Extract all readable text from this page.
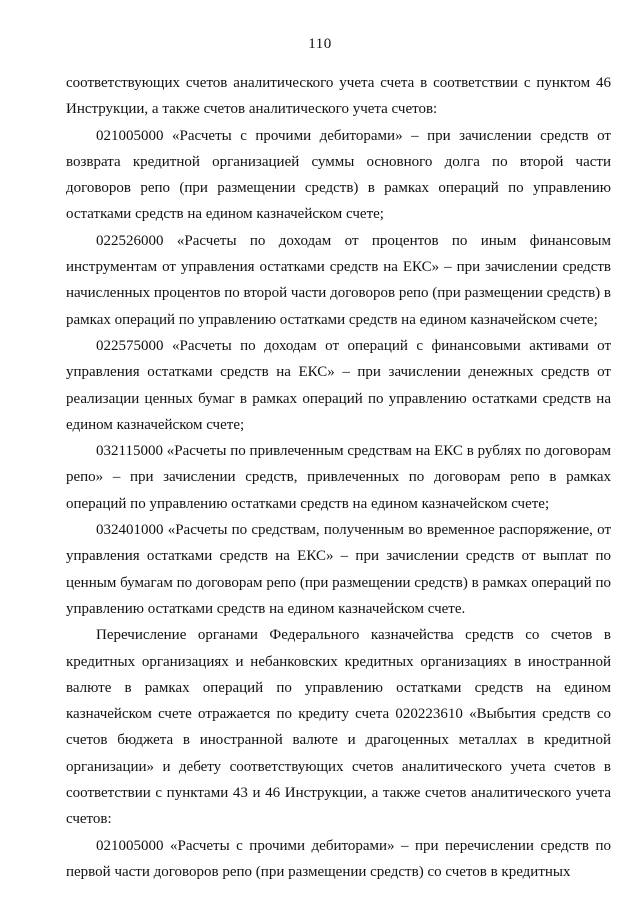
110

соответствующих счетов аналитического учета счета в соответствии с пунктом 46 Инструкции, а также счетов аналитического учета счетов:

021005000 «Расчеты с прочими дебиторами» – при зачислении средств от возврата кредитной организацией суммы основного долга по второй части договоров репо (при размещении средств) в рамках операций по управлению остатками средств на едином казначейском счете;

022526000 «Расчеты по доходам от процентов по иным финансовым инструментам от управления остатками средств на ЕКС» – при зачислении средств начисленных процентов по второй части договоров репо (при размещении средств) в рамках операций по управлению остатками средств на едином казначейском счете;

022575000 «Расчеты по доходам от операций с финансовыми активами от управления остатками средств на ЕКС» – при зачислении денежных средств от реализации ценных бумаг в рамках операций по управлению остатками средств на едином казначейском счете;

032115000 «Расчеты по привлеченным средствам на ЕКС в рублях по договорам репо» – при зачислении средств, привлеченных по договорам репо в рамках операций по управлению остатками средств на едином казначейском счете;

032401000 «Расчеты по средствам, полученным во временное распоряжение, от управления остатками средств на ЕКС» – при зачислении средств от выплат по ценным бумагам по договорам репо (при размещении средств) в рамках операций по управлению остатками средств на едином казначейском счете.

Перечисление органами Федерального казначейства средств со счетов в кредитных организациях и небанковских кредитных организациях в иностранной валюте в рамках операций по управлению остатками средств на едином казначейском счете отражается по кредиту счета 020223610 «Выбытия средств со счетов бюджета в иностранной валюте и драгоценных металлах в кредитной организации» и дебету соответствующих счетов аналитического учета счетов в соответствии с пунктами 43 и 46 Инструкции, а также счетов аналитического учета счетов:

021005000 «Расчеты с прочими дебиторами» – при перечислении средств по первой части договоров репо (при размещении средств) со счетов в кредитных
